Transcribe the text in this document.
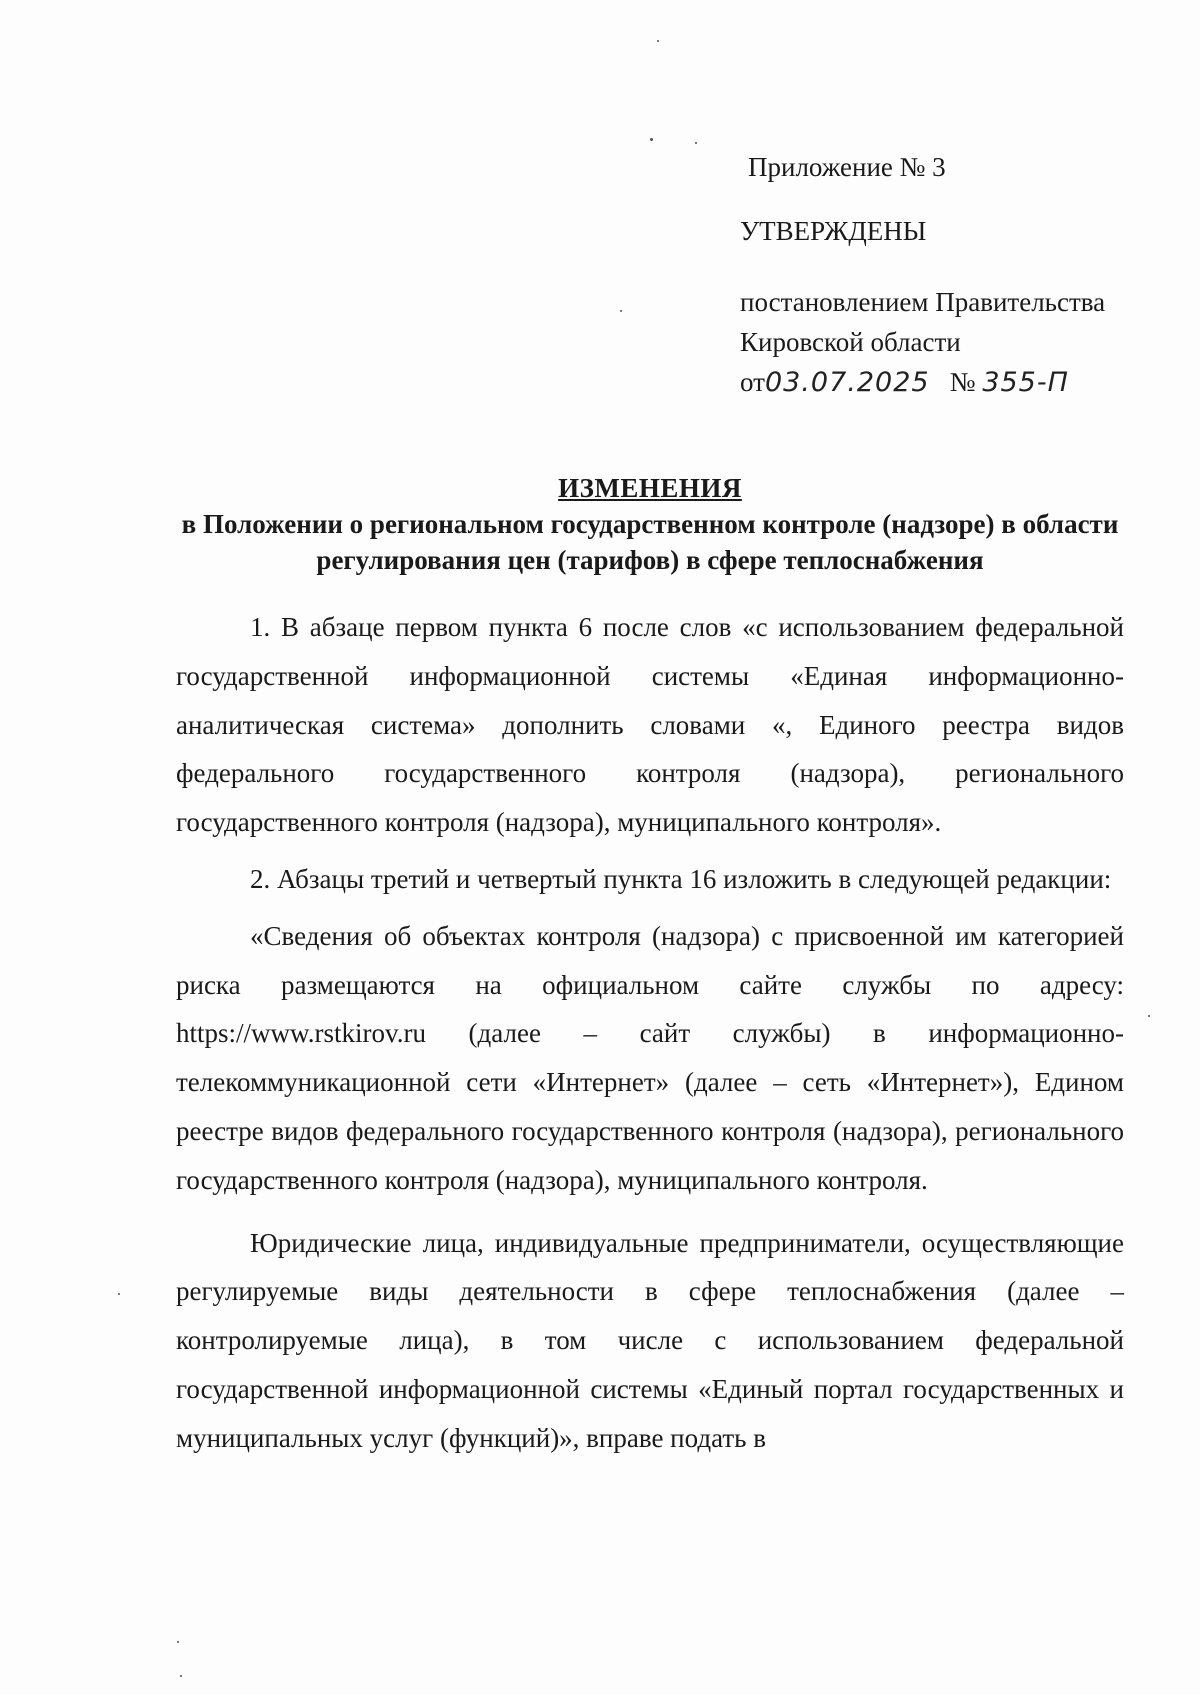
Приложение № 3
УТВЕРЖДЕНЫ
постановлением Правительства
Кировской области
от03.07.2025 № 355-П
ИЗМЕНЕНИЯ
в Положении о региональном государственном контроле (надзоре) в области регулирования цен (тарифов) в сфере теплоснабжения

1. В абзаце первом пункта 6 после слов «с использованием федеральной государственной информационной системы «Единая информационно-аналитическая система» дополнить словами «, Единого реестра видов федерального государственного контроля (надзора), регионального государственного контроля (надзора), муниципального контроля».

2. Абзацы третий и четвертый пункта 16 изложить в следующей редакции:

«Сведения об объектах контроля (надзора) с присвоенной им категорией риска размещаются на официальном сайте службы по адресу: https://www.rstkirov.ru (далее – сайт службы) в информационно-телекоммуникационной сети «Интернет» (далее – сеть «Интернет»), Едином реестре видов федерального государственного контроля (надзора), регионального государственного контроля (надзора), муниципального контроля.

Юридические лица, индивидуальные предприниматели, осуществляющие регулируемые виды деятельности в сфере теплоснабжения (далее – контролируемые лица), в том числе с использованием федеральной государственной информационной системы «Единый портал государственных и муниципальных услуг (функций)», вправе подать в
